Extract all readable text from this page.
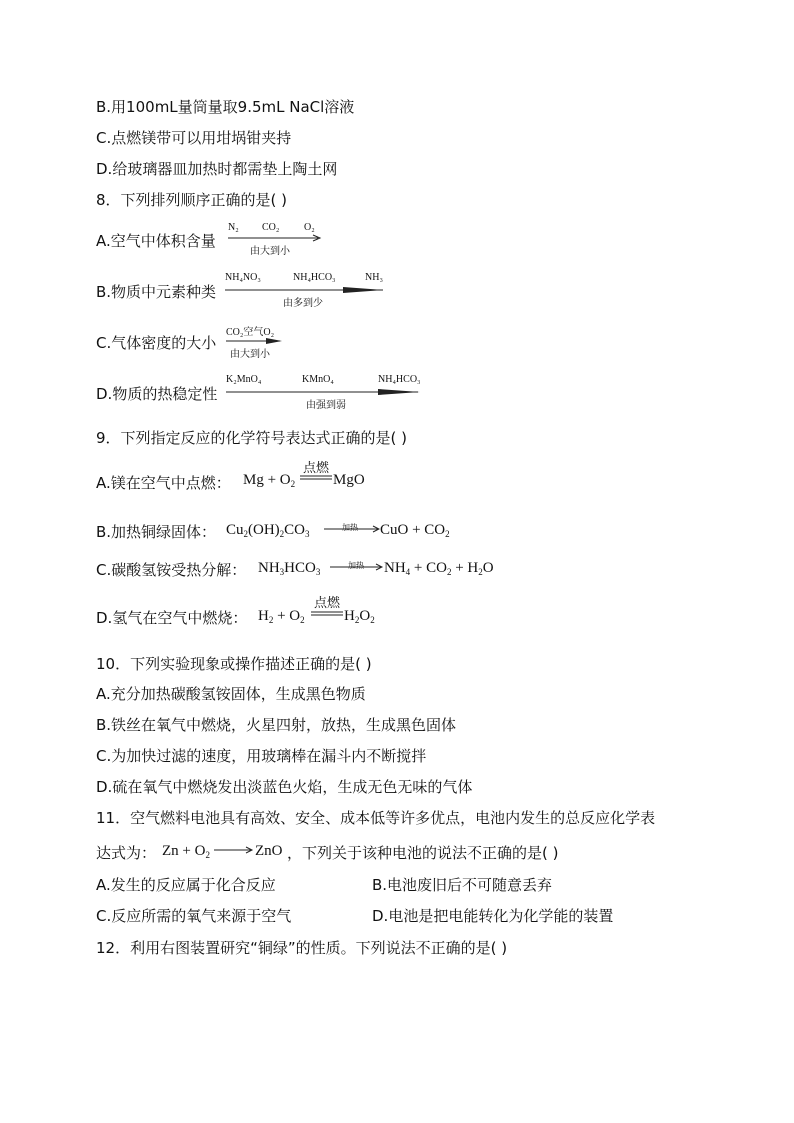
B.用100mL量筒量取9.5mL NaCl溶液
C.点燃镁带可以用坩埚钳夹持
D.给玻璃器皿加热时都需垫上陶土网
8．下列排列顺序正确的是( )
A.空气中体积含量
N₂ CO₂ O₂
由大到小
B.物质中元素种类
NH₄NO₃	NH₄HCO₃	NH₃
由多到少
C.气体密度的大小
CO₂空气O₂
由大到小
D.物质的热稳定性
K₂MnO₄	KMnO₄	NH₄HCO₃
由强到弱
9．下列指定反应的化学符号表达式正确的是( )
A.镁在空气中点燃： $Mg + O_2$
点燃
MgO
B.加热铜绿固体： $Cu_2(OH)_2CO_3$
加热	CuO + $CO_2$
C.碳酸氢铵受热分解： $NH_3HCO_3$
加热	$NH_4 + CO_2 + H_2O$
D.氢气在空气中燃烧： $H_2 + O_2$
点燃
$H_2O_2$
10．下列实验现象或操作描述正确的是( )
A.充分加热碳酸氢铵固体，生成黑色物质
B.铁丝在氧气中燃烧，火星四射，放热，生成黑色固体
C.为加快过滤的速度，用玻璃棒在漏斗内不断搅拌
D.硫在氧气中燃烧发出淡蓝色火焰，生成无色无味的气体
11．空气燃料电池具有高效、安全、成本低等许多优点，电池内发生的总反应化学表
达式为： $Zn + O_2$	ZnO ，下列关于该种电池的说法不正确的是( )
A.发生的反应属于化合反应	B.电池废旧后不可随意丢弃
C.反应所需的氧气来源于空气	D.电池是把电能转化为化学能的装置
12．利用右图装置研究“铜绿”的性质。下列说法不正确的是( )
